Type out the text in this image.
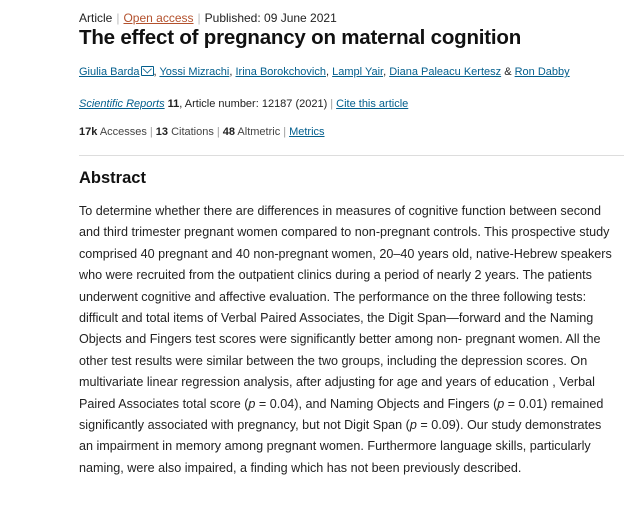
Article | Open access | Published: 09 June 2021
The effect of pregnancy on maternal cognition
Giulia Barda , Yossi Mizrachi, Irina Borokchovich, Lampl Yair, Diana Paleacu Kertesz & Ron Dabby
Scientific Reports 11, Article number: 12187 (2021) | Cite this article
17k Accesses | 13 Citations | 48 Altmetric | Metrics
Abstract

To determine whether there are differences in measures of cognitive function between second and third trimester pregnant women compared to non-pregnant controls. This prospective study comprised 40 pregnant and 40 non-pregnant women, 20–40 years old, native-Hebrew speakers who were recruited from the outpatient clinics during a period of nearly 2 years. The patients underwent cognitive and affective evaluation. The performance on the three following tests: difficult and total items of Verbal Paired Associates, the Digit Span—forward and the Naming Objects and Fingers test scores were significantly better among non- pregnant women. All the other test results were similar between the two groups, including the depression scores. On multivariate linear regression analysis, after adjusting for age and years of education , Verbal Paired Associates total score (p = 0.04), and Naming Objects and Fingers (p = 0.01) remained significantly associated with pregnancy, but not Digit Span (p = 0.09). Our study demonstrates an impairment in memory among pregnant women. Furthermore language skills, particularly naming, were also impaired, a finding which has not been previously described.
